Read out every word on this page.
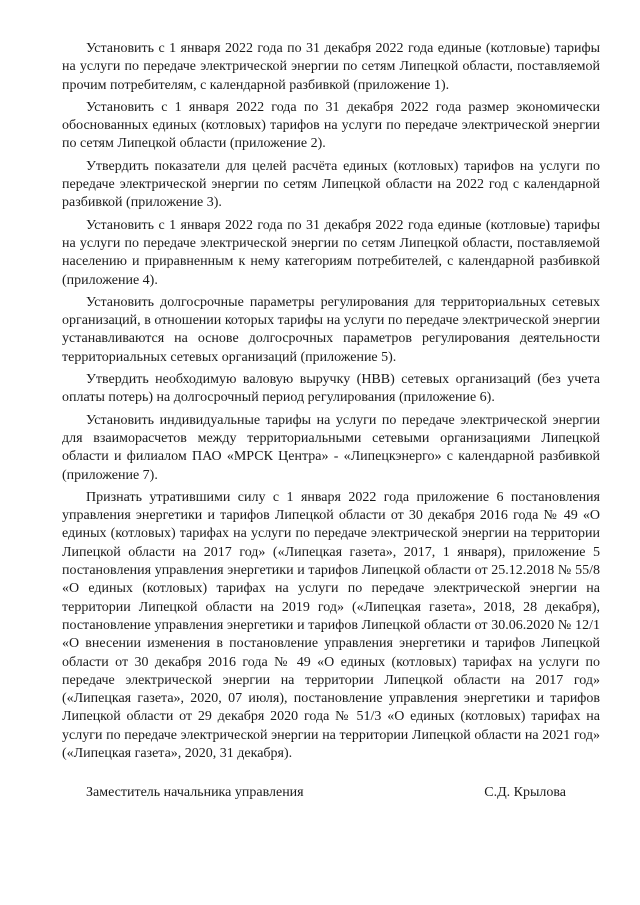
Установить с 1 января 2022 года по 31 декабря 2022 года единые (котловые) тарифы на услуги по передаче электрической энергии по сетям Липецкой области, поставляемой прочим потребителям, с календарной разбивкой (приложение 1).

Установить с 1 января 2022 года по 31 декабря 2022 года размер экономически обоснованных единых (котловых) тарифов на услуги по передаче электрической энергии по сетям Липецкой области (приложение 2).

Утвердить показатели для целей расчёта единых (котловых) тарифов на услуги по передаче электрической энергии по сетям Липецкой области на 2022 год с календарной разбивкой (приложение 3).

Установить с 1 января 2022 года по 31 декабря 2022 года единые (котловые) тарифы на услуги по передаче электрической энергии по сетям Липецкой области, поставляемой населению и приравненным к нему категориям потребителей, с календарной разбивкой (приложение 4).

Установить долгосрочные параметры регулирования для территориальных сетевых организаций, в отношении которых тарифы на услуги по передаче электрической энергии устанавливаются на основе долгосрочных параметров регулирования деятельности территориальных сетевых организаций (приложение 5).

Утвердить необходимую валовую выручку (НВВ) сетевых организаций (без учета оплаты потерь) на долгосрочный период регулирования (приложение 6).

Установить индивидуальные тарифы на услуги по передаче электрической энергии для взаиморасчетов между территориальными сетевыми организациями Липецкой области и филиалом ПАО «МРСК Центра» - «Липецкэнерго» с календарной разбивкой (приложение 7).

Признать утратившими силу с 1 января 2022 года приложение 6 постановления управления энергетики и тарифов Липецкой области от 30 декабря 2016 года № 49 «О единых (котловых) тарифах на услуги по передаче электрической энергии на территории Липецкой области на 2017 год» («Липецкая газета», 2017, 1 января), приложение 5 постановления управления энергетики и тарифов Липецкой области от 25.12.2018 № 55/8 «О единых (котловых) тарифах на услуги по передаче электрической энергии на территории Липецкой области на 2019 год» («Липецкая газета», 2018, 28 декабря), постановление управления энергетики и тарифов Липецкой области от 30.06.2020 № 12/1 «О внесении изменения в постановление управления энергетики и тарифов Липецкой области от 30 декабря 2016 года № 49 «О единых (котловых) тарифах на услуги по передаче электрической энергии на территории Липецкой области на 2017 год» («Липецкая газета», 2020, 07 июля), постановление управления энергетики и тарифов Липецкой области от 29 декабря 2020 года № 51/3 «О единых (котловых) тарифах на услуги по передаче электрической энергии на территории Липецкой области на 2021 год» («Липецкая газета», 2020, 31 декабря).

Заместитель начальника управления	С.Д. Крылова
